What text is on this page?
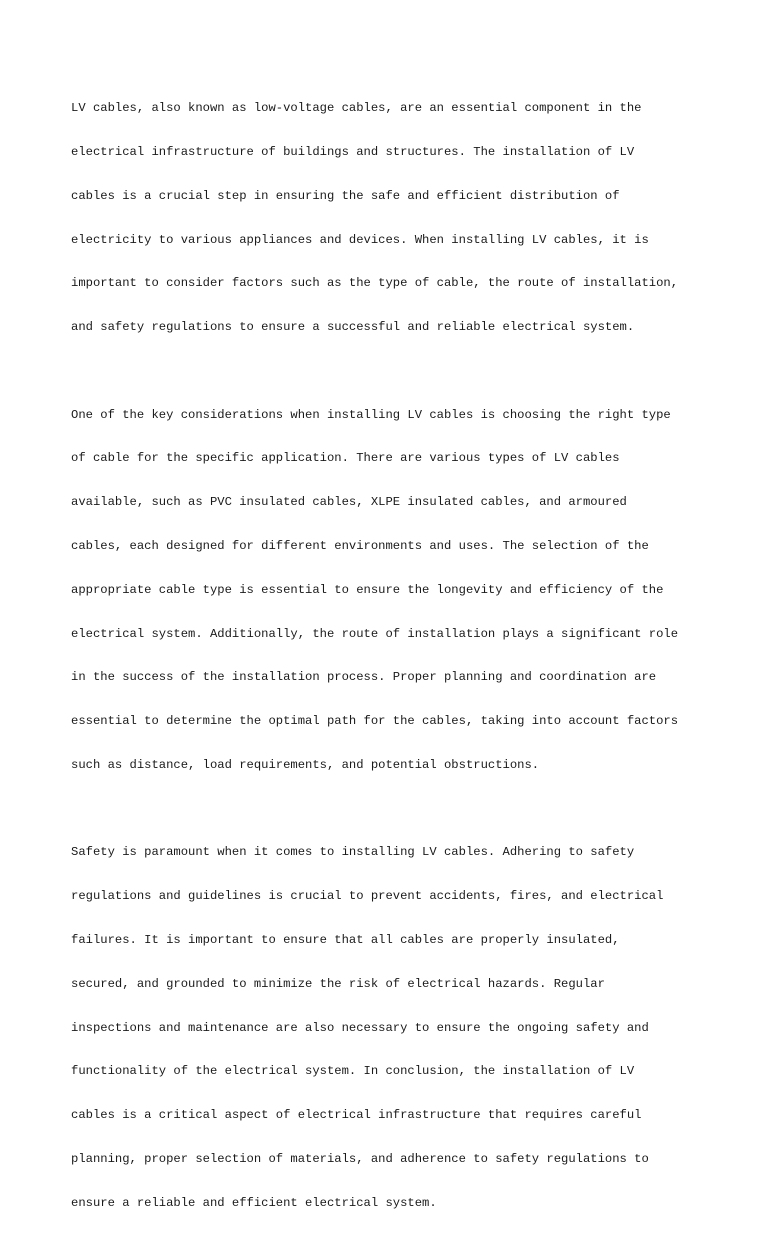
LV cables, also known as low-voltage cables, are an essential component in the

electrical infrastructure of buildings and structures. The installation of LV

cables is a crucial step in ensuring the safe and efficient distribution of

electricity to various appliances and devices. When installing LV cables, it is

important to consider factors such as the type of cable, the route of installation,

and safety regulations to ensure a successful and reliable electrical system.

One of the key considerations when installing LV cables is choosing the right type

of cable for the specific application. There are various types of LV cables

available, such as PVC insulated cables, XLPE insulated cables, and armoured

cables, each designed for different environments and uses. The selection of the

appropriate cable type is essential to ensure the longevity and efficiency of the

electrical system. Additionally, the route of installation plays a significant role

in the success of the installation process. Proper planning and coordination are

essential to determine the optimal path for the cables, taking into account factors

such as distance, load requirements, and potential obstructions.

Safety is paramount when it comes to installing LV cables. Adhering to safety

regulations and guidelines is crucial to prevent accidents, fires, and electrical

failures. It is important to ensure that all cables are properly insulated,

secured, and grounded to minimize the risk of electrical hazards. Regular

inspections and maintenance are also necessary to ensure the ongoing safety and

functionality of the electrical system. In conclusion, the installation of LV

cables is a critical aspect of electrical infrastructure that requires careful

planning, proper selection of materials, and adherence to safety regulations to

ensure a reliable and efficient electrical system.
